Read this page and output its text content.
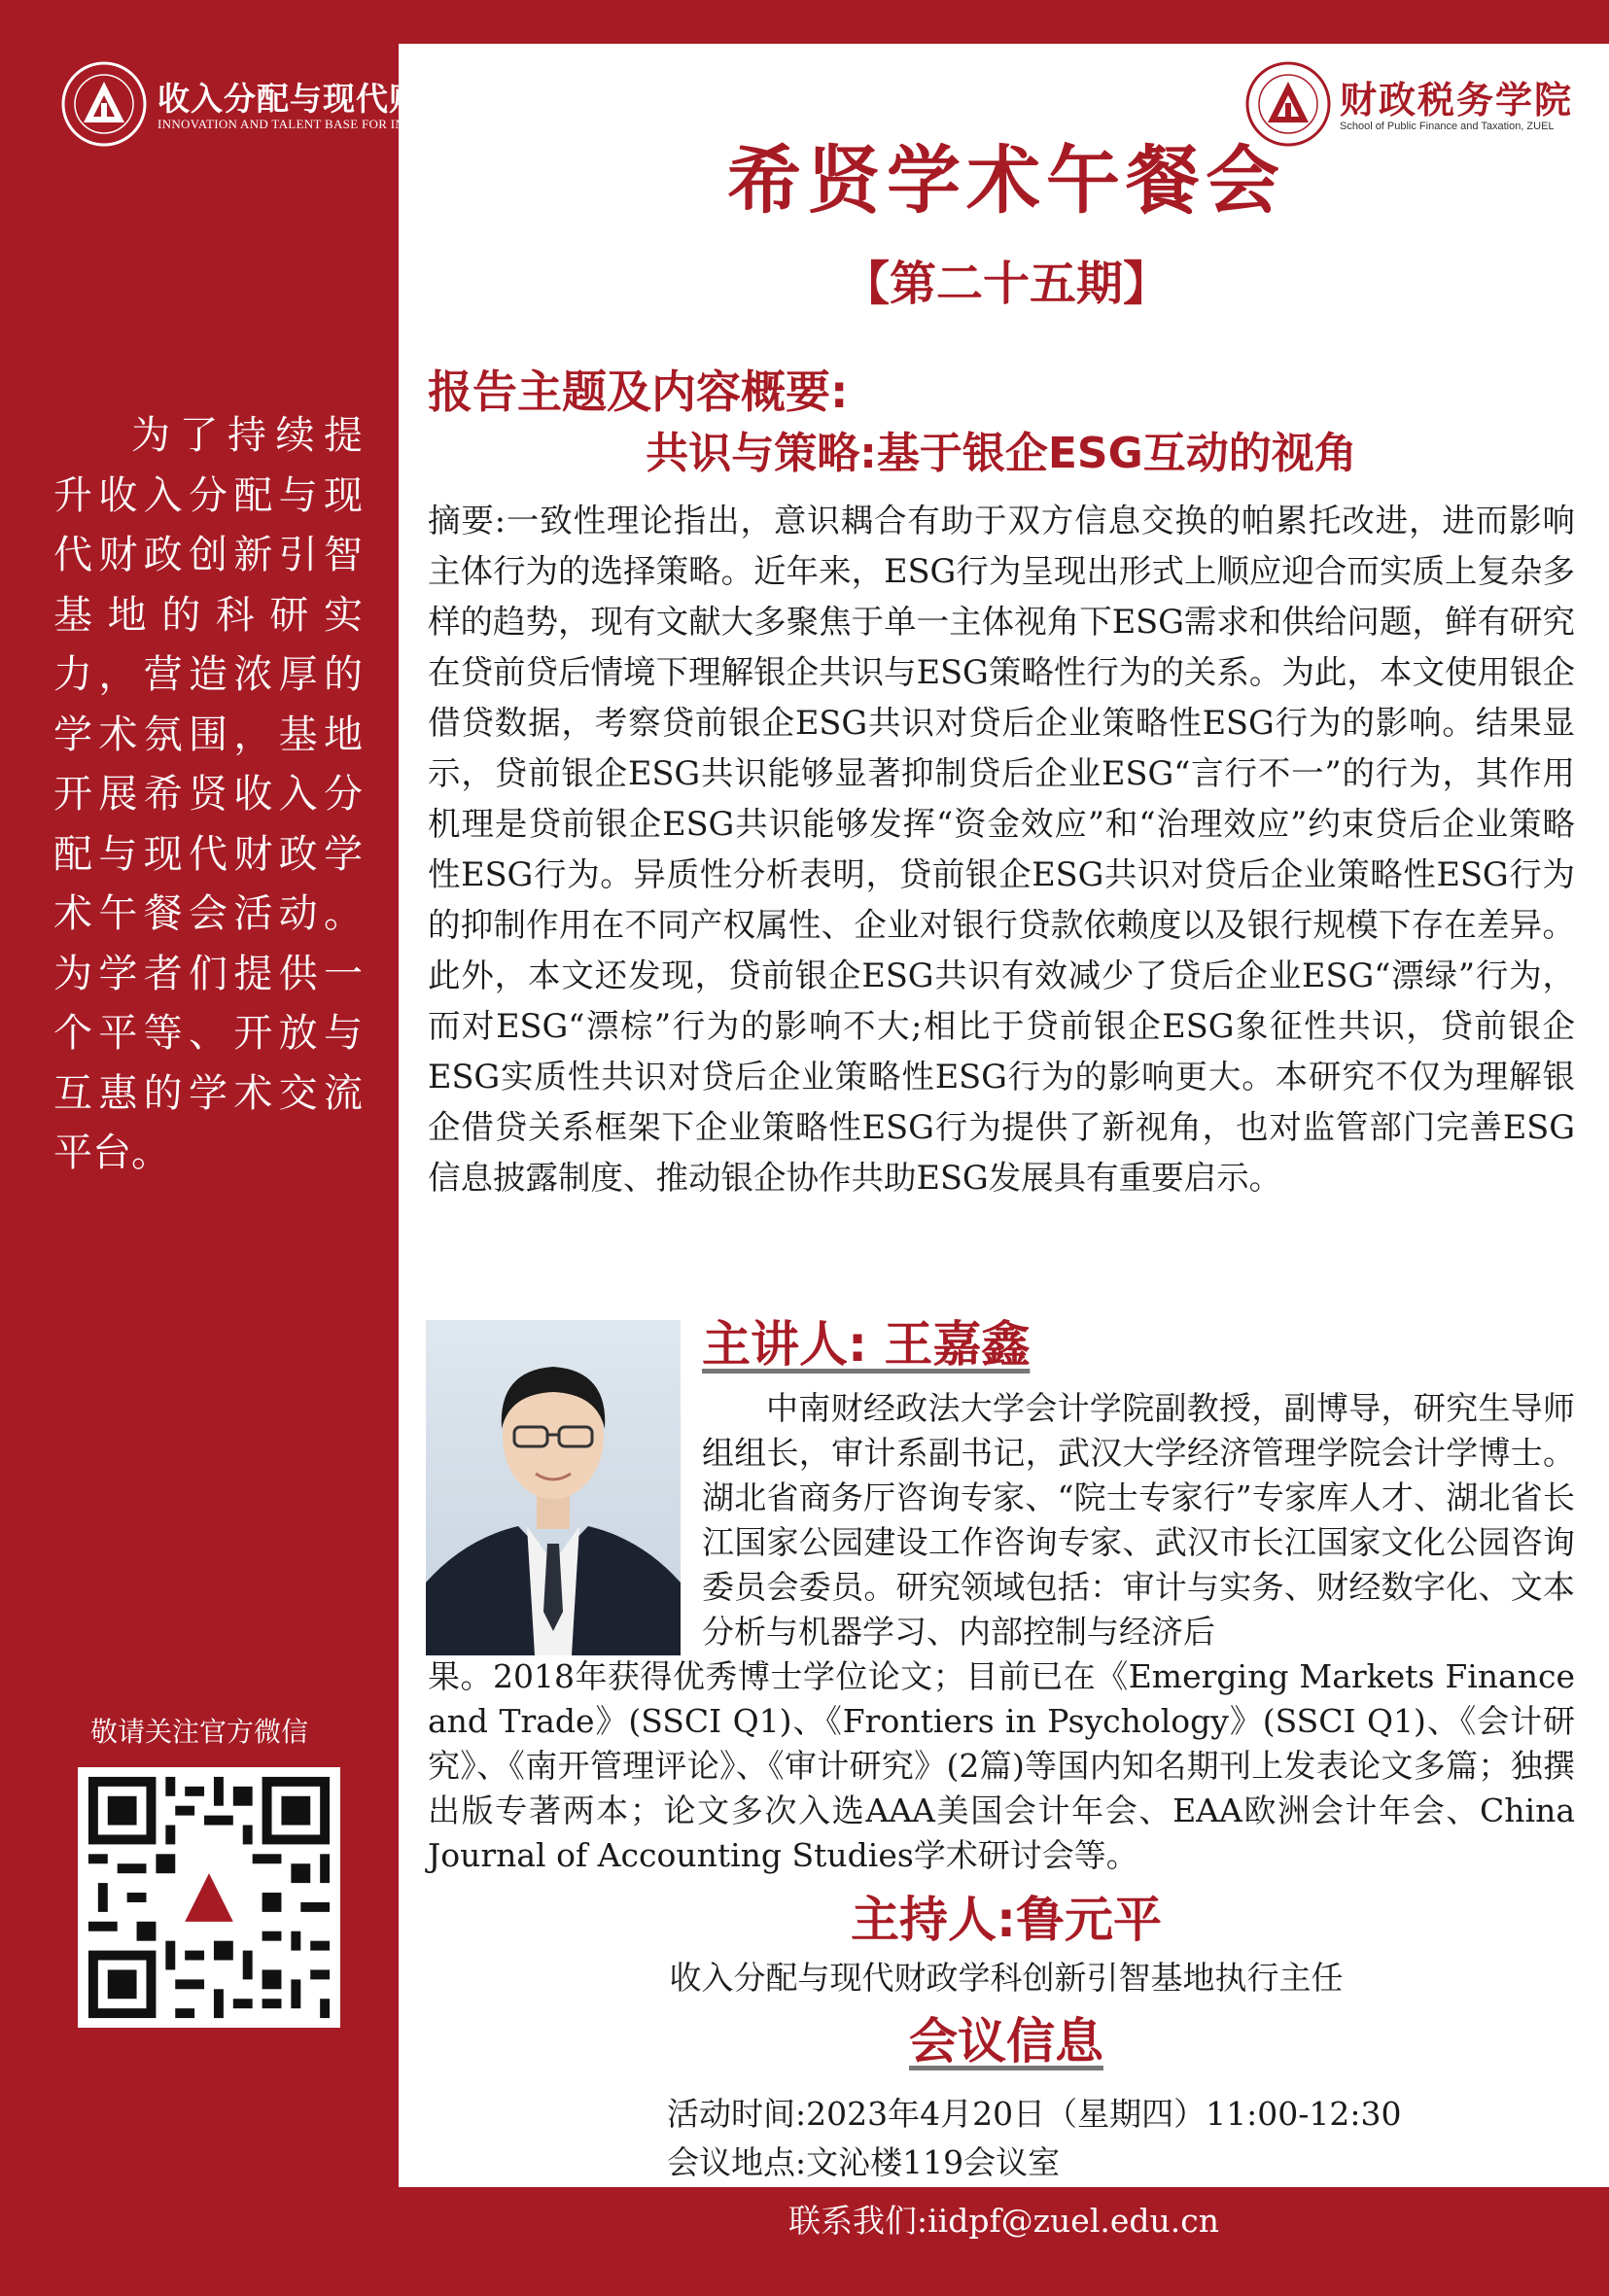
收入分配与现代财政学科创新引智基地
INNOVATION AND TALENT BASE FOR INCOME DISTRIBUTION AND PUBLIC FINANCE
财政税务学院
School of Public Finance and Taxation, ZUEL
希贤学术午餐会
【第二十五期】
为了持续提升收入分配与现代财政创新引智基地的科研实力，营造浓厚的学术氛围，基地开展希贤收入分配与现代财政学术午餐会活动。为学者们提供一个平等、开放与互惠的学术交流平台。
敬请关注官方微信
报告主题及内容概要:
共识与策略:基于银企ESG互动的视角
摘要:一致性理论指出，意识耦合有助于双方信息交换的帕累托改进，进而影响主体行为的选择策略。近年来，ESG行为呈现出形式上顺应迎合而实质上复杂多样的趋势，现有文献大多聚焦于单一主体视角下ESG需求和供给问题，鲜有研究在贷前贷后情境下理解银企共识与ESG策略性行为的关系。为此，本文使用银企借贷数据，考察贷前银企ESG共识对贷后企业策略性ESG行为的影响。结果显示，贷前银企ESG共识能够显著抑制贷后企业ESG“言行不一”的行为，其作用机理是贷前银企ESG共识能够发挥“资金效应”和“治理效应”约束贷后企业策略性ESG行为。异质性分析表明，贷前银企ESG共识对贷后企业策略性ESG行为的抑制作用在不同产权属性、企业对银行贷款依赖度以及银行规模下存在差异。此外，本文还发现，贷前银企ESG共识有效减少了贷后企业ESG“漂绿”行为，而对ESG“漂棕”行为的影响不大;相比于贷前银企ESG象征性共识，贷前银企ESG实质性共识对贷后企业策略性ESG行为的影响更大。本研究不仅为理解银企借贷关系框架下企业策略性ESG行为提供了新视角，也对监管部门完善ESG信息披露制度、推动银企协作共助ESG发展具有重要启示。
主讲人: 王嘉鑫
中南财经政法大学会计学院副教授，副博导，研究生导师组组长，审计系副书记，武汉大学经济管理学院会计学博士。湖北省商务厅咨询专家、“院士专家行”专家库人才、湖北省长江国家公园建设工作咨询专家、武汉市长江国家文化公园咨询委员会委员。研究领域包括：审计与实务、财经数字化、文本分析与机器学习、内部控制与经济后
果。2018年获得优秀博士学位论文；目前已在《Emerging Markets Finance and Trade》(SSCI Q1)、《Frontiers in Psychology》(SSCI Q1)、《会计研究》、《南开管理评论》、《审计研究》(2篇)等国内知名期刊上发表论文多篇；独撰出版专著两本；论文多次入选AAA美国会计年会、EAA欧洲会计年会、China Journal of Accounting Studies学术研讨会等。
主持人:鲁元平
收入分配与现代财政学科创新引智基地执行主任
会议信息
活动时间:2023年4月20日（星期四）11:00-12:30
会议地点:文沁楼119会议室
联系我们:iidpf@zuel.edu.cn
